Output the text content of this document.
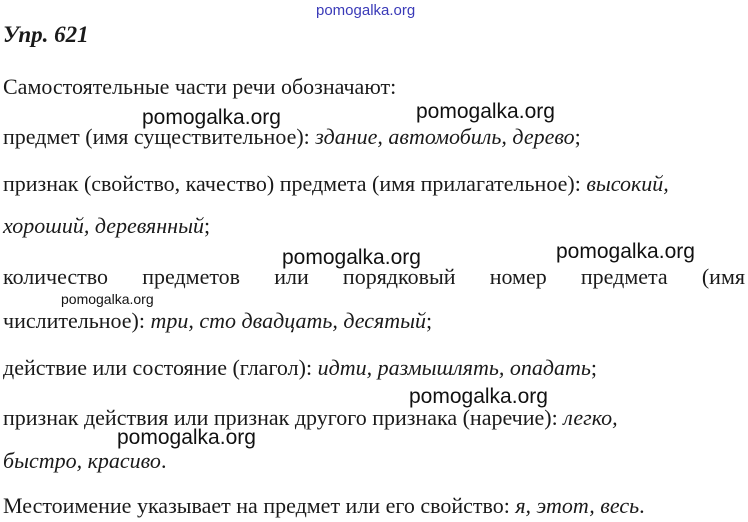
pomogalka.org
Упр. 621
Самостоятельные части речи обозначают:
предмет (имя существительное): здание, автомобиль, дерево;
признак (свойство, качество) предмета (имя прилагательное): высокий,
хороший, деревянный;
количество предметов или порядковый номер предмета (имя
числительное): три, сто двадцать, десятый;
действие или состояние (глагол): идти, размышлять, опадать;
признак действия или признак другого признака (наречие): легко,
быстро, красиво.
Местоимение указывает на предмет или его свойство: я, этот, весь.
pomogalka.org	pomogalka.org
pomogalka.org	pomogalka.org
pomogalka.org
pomogalka.org
pomogalka.org
